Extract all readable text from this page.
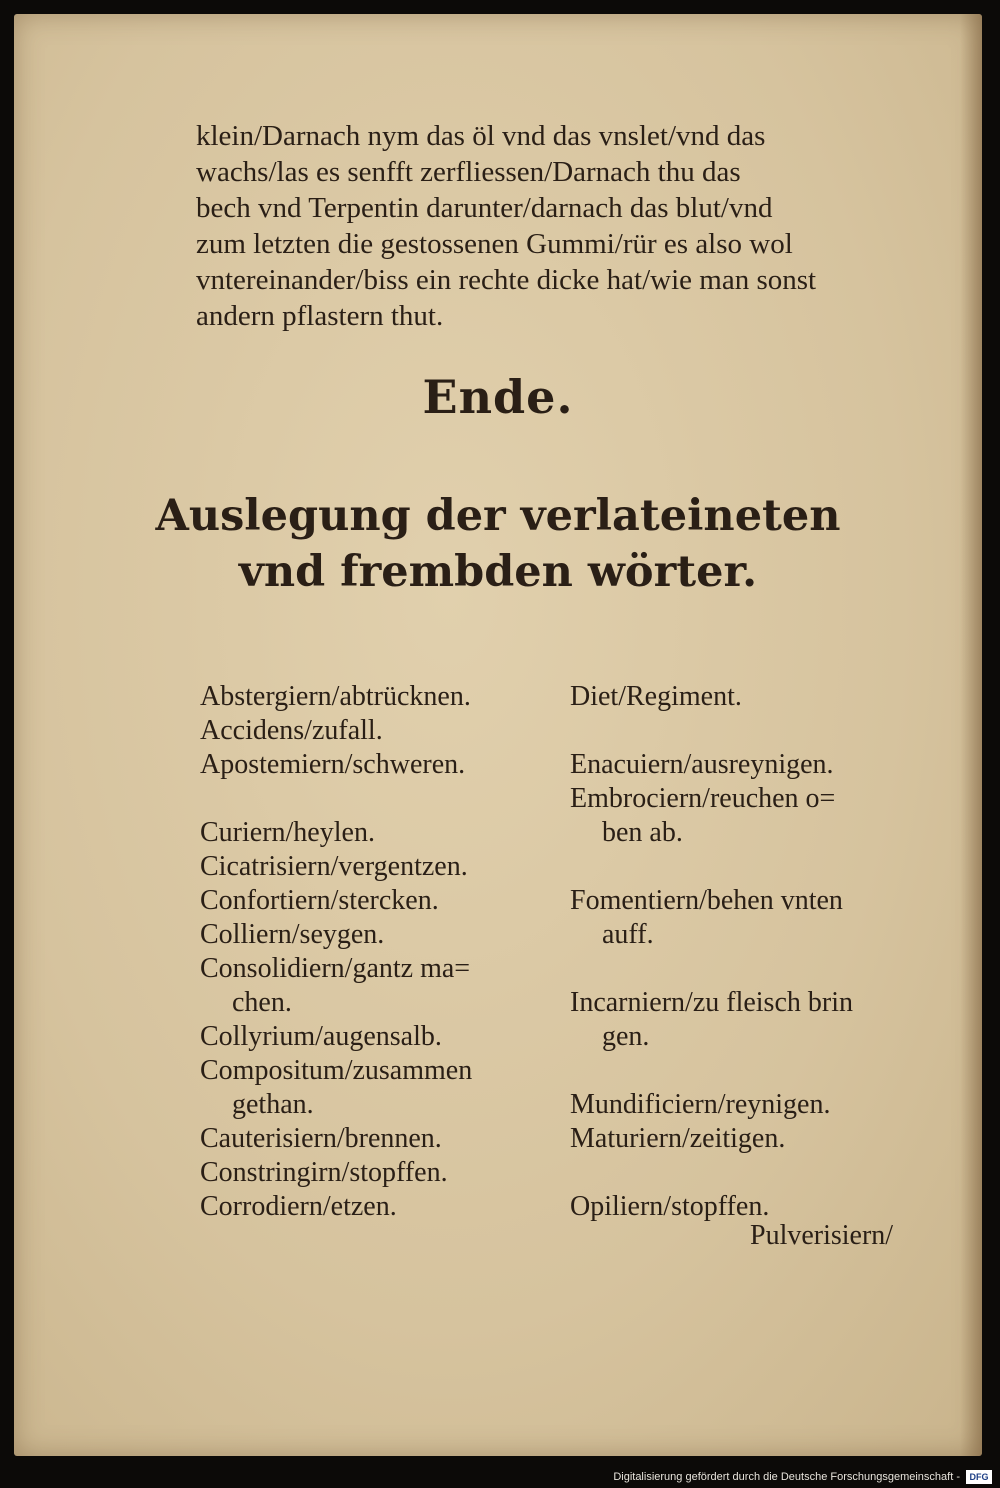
klein/Darnach nym das öl vnd das vnslet/vnd das
wachs/las es senfft zerfliessen/Darnach thu das
bech vnd Terpentin darunter/darnach das blut/vnd
zum letzten die gestossenen Gummi/rür es also wol
vntereinander/biss ein rechte dicke hat/wie man sonst
andern pflastern thut.
Ende.
Auslegung der verlateineten
vnd frembden wörter.
Abstergiern/abtrücknen.
Accidens/zufall.
Apostemiern/schweren.
Curiern/heylen.
Cicatrisiern/vergentzen.
Confortiern/stercken.
Colliern/seygen.
Consolidiern/gantz ma=
chen.
Collyrium/augensalb.
Compositum/zusammen
gethan.
Cauterisiern/brennen.
Constringirn/stopffen.
Corrodiern/etzen.
Diet/Regiment.
Enacuiern/ausreynigen.
Embrociern/reuchen o=
ben ab.
Fomentiern/behen vnten
auff.
Incarniern/zu fleisch brin
gen.
Mundificiern/reynigen.
Maturiern/zeitigen.
Opiliern/stopffen.
Pulverisiern/
Digitalisierung gefördert durch die Deutsche Forschungsgemeinschaft -	DFG
